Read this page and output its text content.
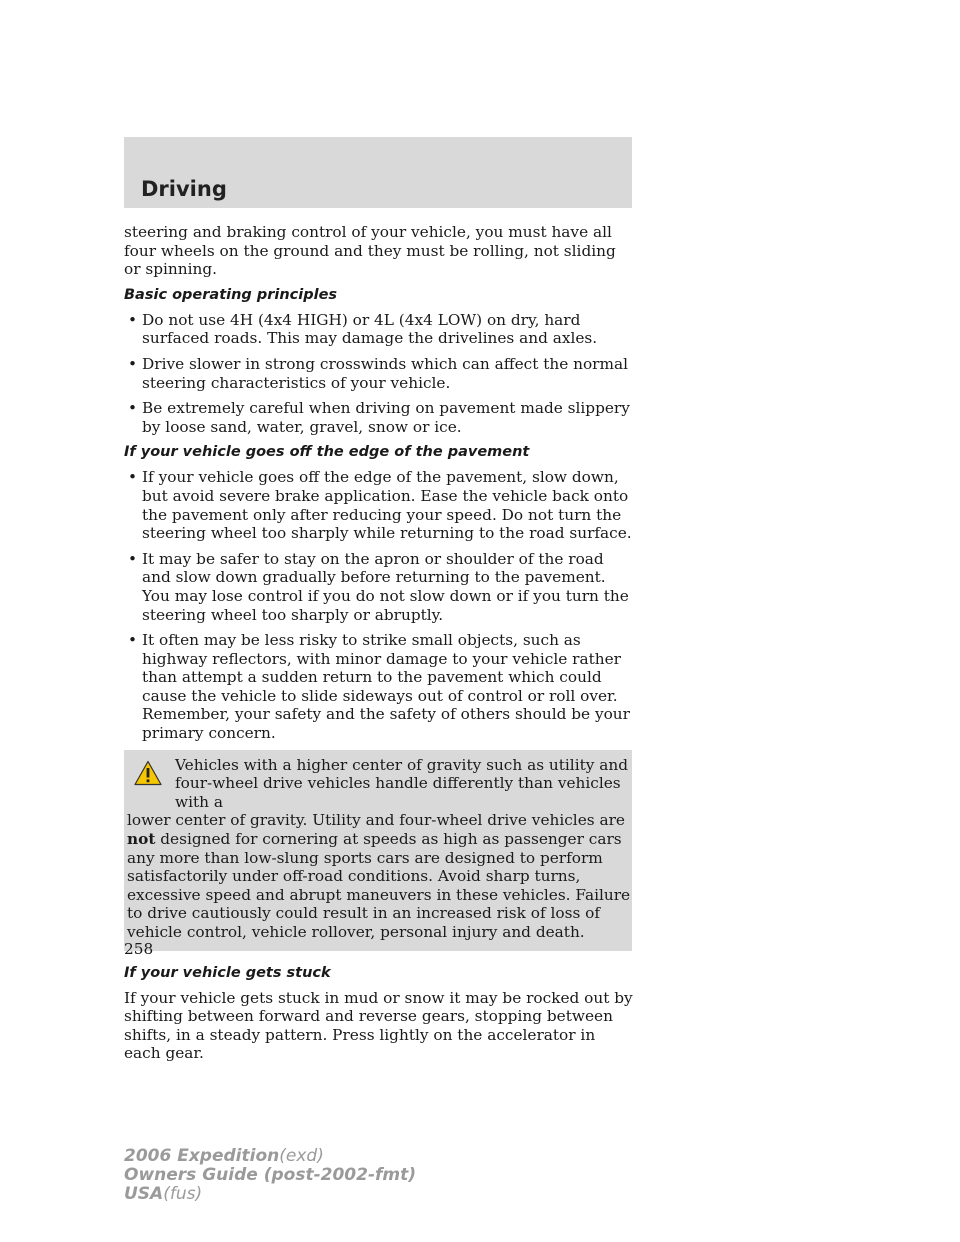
Driving

steering and braking control of your vehicle, you must have all four wheels on the ground and they must be rolling, not sliding or spinning.

Basic operating principles
• Do not use 4H (4x4 HIGH) or 4L (4x4 LOW) on dry, hard surfaced roads. This may damage the drivelines and axles.
• Drive slower in strong crosswinds which can affect the normal steering characteristics of your vehicle.
• Be extremely careful when driving on pavement made slippery by loose sand, water, gravel, snow or ice.
If your vehicle goes off the edge of the pavement
• If your vehicle goes off the edge of the pavement, slow down, but avoid severe brake application. Ease the vehicle back onto the pavement only after reducing your speed. Do not turn the steering wheel too sharply while returning to the road surface.
• It may be safer to stay on the apron or shoulder of the road and slow down gradually before returning to the pavement. You may lose control if you do not slow down or if you turn the steering wheel too sharply or abruptly.
• It often may be less risky to strike small objects, such as highway reflectors, with minor damage to your vehicle rather than attempt a sudden return to the pavement which could cause the vehicle to slide sideways out of control or roll over. Remember, your safety and the safety of others should be your primary concern.
Vehicles with a higher center of gravity such as utility and
four-wheel drive vehicles handle differently than vehicles with a
lower center of gravity. Utility and four-wheel drive vehicles are not designed for cornering at speeds as high as passenger cars any more than low-slung sports cars are designed to perform satisfactorily under off-road conditions. Avoid sharp turns, excessive speed and abrupt maneuvers in these vehicles. Failure to drive cautiously could result in an increased risk of loss of vehicle control, vehicle rollover, personal injury and death.
If your vehicle gets stuck

If your vehicle gets stuck in mud or snow it may be rocked out by shifting between forward and reverse gears, stopping between shifts, in a steady pattern. Press lightly on the accelerator in each gear.

258

2006 Expedition(exd)
Owners Guide (post-2002-fmt)
USA(fus)
